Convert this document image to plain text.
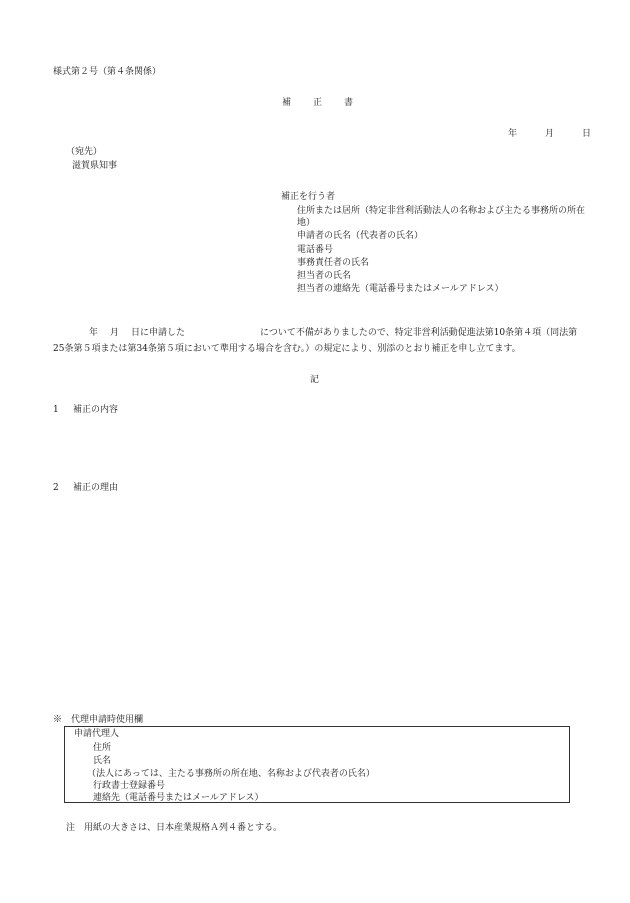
様式第２号（第４条関係）
補 正 書
年	月	日
（宛先）
滋賀県知事
補正を行う者
住所または居所（特定非営利活動法人の名称および主たる事務所の所在地）
申請者の氏名（代表者の氏名）
電話番号
事務責任者の氏名
担当者の氏名
担当者の連絡先（電話番号またはメールアドレス）
年 月 日に申請した	について不備がありましたので、特定非営利活動促進法第10条第４項（同法第25条第５項または第34条第５項において準用する場合を含む。）の規定により、別添のとおり補正を申し立てます。
記
1 補正の内容
2 補正の理由
※　代理申請時使用欄
申請代理人
住所
氏名
（法人にあっては、主たる事務所の所在地、名称および代表者の氏名）
行政書士登録番号
連絡先（電話番号またはメールアドレス）
注 用紙の大きさは、日本産業規格Ａ列４番とする。
